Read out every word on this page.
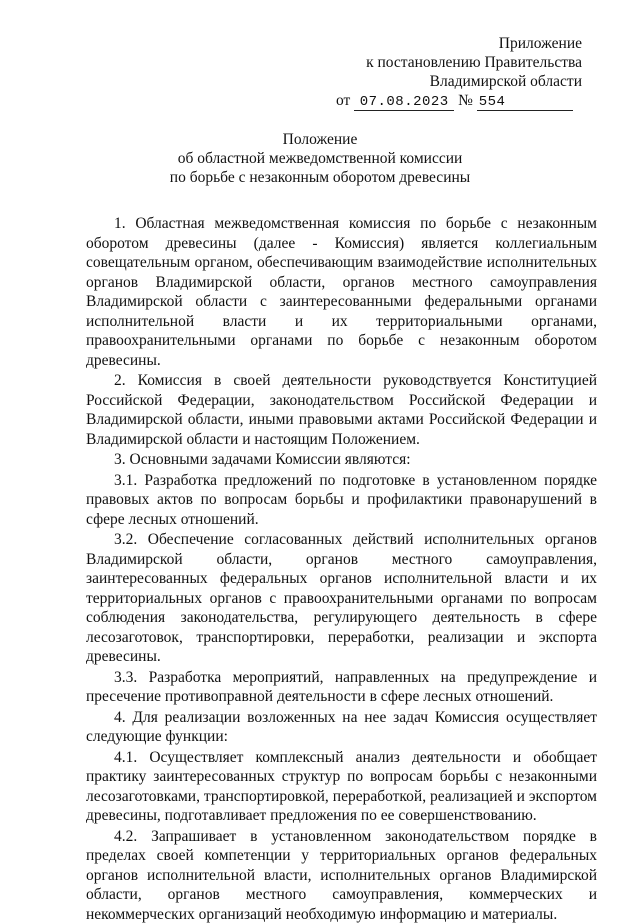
Приложение
к постановлению Правительства
Владимирской области
от 07.08.2023 № 554
Положение
об областной межведомственной комиссии
по борьбе с незаконным оборотом древесины

1. Областная межведомственная комиссия по борьбе с незаконным оборотом древесины (далее - Комиссия) является коллегиальным совещательным органом, обеспечивающим взаимодействие исполнительных органов Владимирской области, органов местного самоуправления Владимирской области с заинтересованными федеральными органами исполнительной власти и их территориальными органами, правоохранительными органами по борьбе с незаконным оборотом древесины.

2. Комиссия в своей деятельности руководствуется Конституцией Российской Федерации, законодательством Российской Федерации и Владимирской области, иными правовыми актами Российской Федерации и Владимирской области и настоящим Положением.

3. Основными задачами Комиссии являются:

3.1. Разработка предложений по подготовке в установленном порядке правовых актов по вопросам борьбы и профилактики правонарушений в сфере лесных отношений.

3.2. Обеспечение согласованных действий исполнительных органов Владимирской области, органов местного самоуправления, заинтересованных федеральных органов исполнительной власти и их территориальных органов с правоохранительными органами по вопросам соблюдения законодательства, регулирующего деятельность в сфере лесозаготовок, транспортировки, переработки, реализации и экспорта древесины.

3.3. Разработка мероприятий, направленных на предупреждение и пресечение противоправной деятельности в сфере лесных отношений.

4. Для реализации возложенных на нее задач Комиссия осуществляет следующие функции:

4.1. Осуществляет комплексный анализ деятельности и обобщает практику заинтересованных структур по вопросам борьбы с незаконными лесозаготовками, транспортировкой, переработкой, реализацией и экспортом древесины, подготавливает предложения по ее совершенствованию.

4.2. Запрашивает в установленном законодательством порядке в пределах своей компетенции у территориальных органов федеральных органов исполнительной власти, исполнительных органов Владимирской области, органов местного самоуправления, коммерческих и некоммерческих организаций необходимую информацию и материалы.
